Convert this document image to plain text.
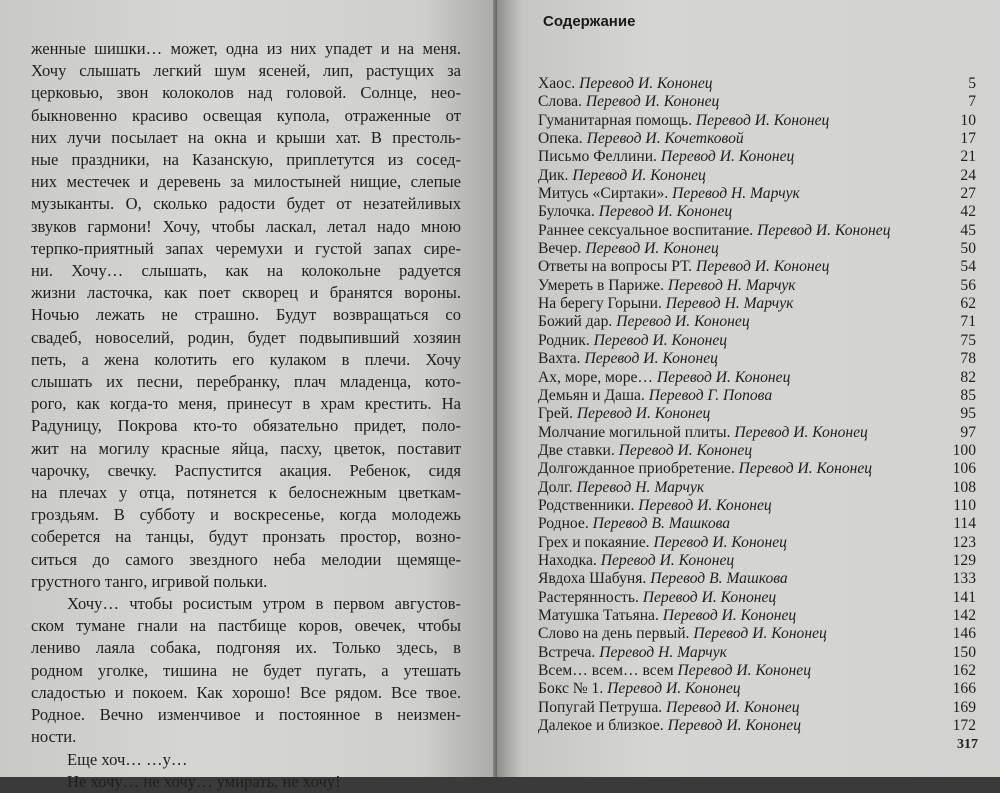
женные шишки… может, одна из них упадет и на меня.
Хочу слышать легкий шум ясеней, лип, растущих за
церковью, звон колоколов над головой. Солнце, нео-
быкновенно красиво освещая купола, отраженные от
них лучи посылает на окна и крыши хат. В престоль-
ные праздники, на Казанскую, приплетутся из сосед-
них местечек и деревень за милостыней нищие, слепые
музыканты. О, сколько радости будет от незатейливых
звуков гармони! Хочу, чтобы ласкал, летал надо мною
терпко-приятный запах черемухи и густой запах сире-
ни. Хочу… слышать, как на колокольне радуется
жизни ласточка, как поет скворец и бранятся вороны.
Ночью лежать не страшно. Будут возвращаться со
свадеб, новоселий, родин, будет подвыпивший хозяин
петь, а жена колотить его кулаком в плечи. Хочу
слышать их песни, перебранку, плач младенца, кото-
рого, как когда-то меня, принесут в храм крестить. На
Радуницу, Покрова кто-то обязательно придет, поло-
жит на могилу красные яйца, пасху, цветок, поставит
чарочку, свечку. Распустится акация. Ребенок, сидя
на плечах у отца, потянется к белоснежным цветкам-
гроздьям. В субботу и воскресенье, когда молодежь
соберется на танцы, будут пронзать простор, возно-
ситься до самого звездного неба мелодии щемяще-
грустного танго, игривой польки.
Хочу… чтобы росистым утром в первом августов-
ском тумане гнали на пастбище коров, овечек, чтобы
лениво лаяла собака, подгоняя их. Только здесь, в
родном уголке, тишина не будет пугать, а утешать
сладостью и покоем. Как хорошо! Все рядом. Все твое.
Родное. Вечно изменчивое и постоянное в неизмен-
ности.
Еще хоч… …у…
Не хочу… не хочу… умирать, не хочу!
Содержание
Хаос. Перевод И. Кононец	5
Слова. Перевод И. Кононец	7
Гуманитарная помощь. Перевод И. Кононец	10
Опека. Перевод И. Кочетковой	17
Письмо Феллини. Перевод И. Кононец	21
Дик. Перевод И. Кононец	24
Митусь «Сиртаки». Перевод Н. Марчук	27
Булочка. Перевод И. Кононец	42
Раннее сексуальное воспитание. Перевод И. Кононец	45
Вечер. Перевод И. Кононец	50
Ответы на вопросы РТ. Перевод И. Кононец	54
Умереть в Париже. Перевод Н. Марчук	56
На берегу Горыни. Перевод Н. Марчук	62
Божий дар. Перевод И. Кононец	71
Родник. Перевод И. Кононец	75
Вахта. Перевод И. Кононец	78
Ах, море, море… Перевод И. Кононец	82
Демьян и Даша. Перевод Г. Попова	85
Грей. Перевод И. Кононец	95
Молчание могильной плиты. Перевод И. Кононец	97
Две ставки. Перевод И. Кононец	100
Долгожданное приобретение. Перевод И. Кононец	106
Долг. Перевод Н. Марчук	108
Родственники. Перевод И. Кононец	110
Родное. Перевод В. Машкова	114
Грех и покаяние. Перевод И. Кононец	123
Находка. Перевод И. Кононец	129
Явдоха Шабуня. Перевод В. Машкова	133
Растерянность. Перевод И. Кононец	141
Матушка Татьяна. Перевод И. Кононец	142
Слово на день первый. Перевод И. Кононец	146
Встреча. Перевод Н. Марчук	150
Всем… всем… всем Перевод И. Кононец	162
Бокс № 1. Перевод И. Кононец	166
Попугай Петруша. Перевод И. Кононец	169
Далекое и близкое. Перевод И. Кононец	172
317
